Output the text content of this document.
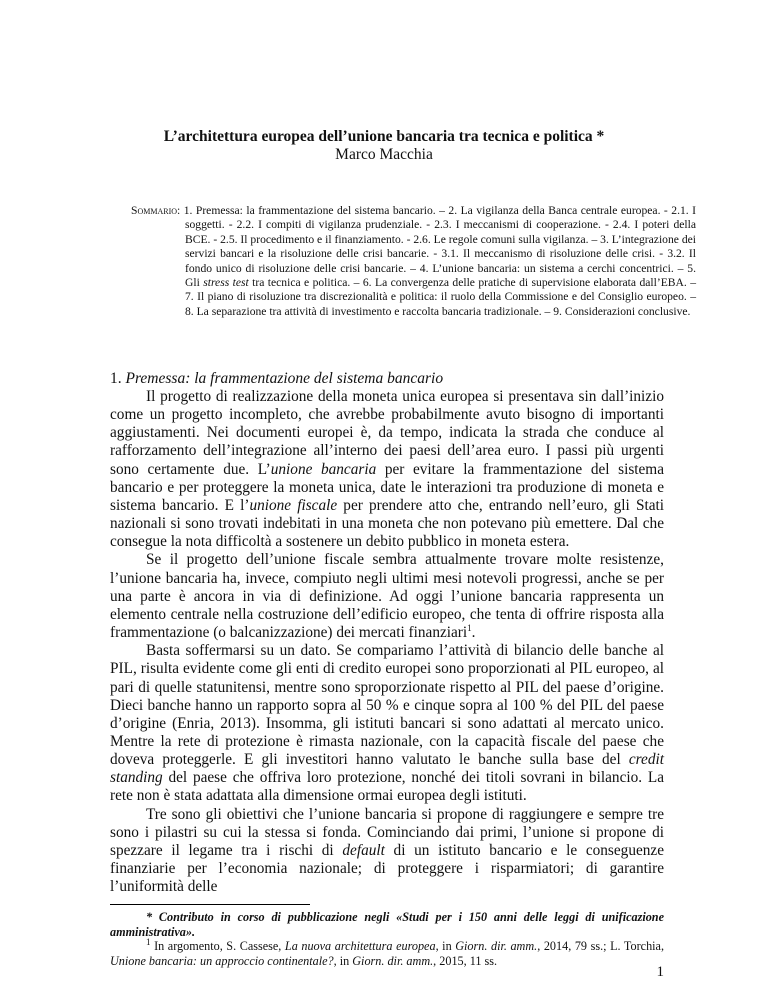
L’architettura europea dell’unione bancaria tra tecnica e politica *
Marco Macchia
Sommario: 1. Premessa: la frammentazione del sistema bancario. – 2. La vigilanza della Banca centrale europea. - 2.1. I soggetti. - 2.2. I compiti di vigilanza prudenziale. - 2.3. I meccanismi di cooperazione. - 2.4. I poteri della BCE. - 2.5. Il procedimento e il finanziamento. - 2.6. Le regole comuni sulla vigilanza. – 3. L’integrazione dei servizi bancari e la risoluzione delle crisi bancarie. - 3.1. Il meccanismo di risoluzione delle crisi. - 3.2. Il fondo unico di risoluzione delle crisi bancarie. – 4. L’unione bancaria: un sistema a cerchi concentrici. – 5. Gli stress test tra tecnica e politica. – 6. La convergenza delle pratiche di supervisione elaborata dall’EBA. – 7. Il piano di risoluzione tra discrezionalità e politica: il ruolo della Commissione e del Consiglio europeo. – 8. La separazione tra attività di investimento e raccolta bancaria tradizionale. – 9. Considerazioni conclusive.
1. Premessa: la frammentazione del sistema bancario

Il progetto di realizzazione della moneta unica europea si presentava sin dall’inizio come un progetto incompleto, che avrebbe probabilmente avuto bisogno di importanti aggiustamenti. Nei documenti europei è, da tempo, indicata la strada che conduce al rafforzamento dell’integrazione all’interno dei paesi dell’area euro. I passi più urgenti sono certamente due. L’unione bancaria per evitare la frammentazione del sistema bancario e per proteggere la moneta unica, date le interazioni tra produzione di moneta e sistema bancario. E l’unione fiscale per prendere atto che, entrando nell’euro, gli Stati nazionali si sono trovati indebitati in una moneta che non potevano più emettere. Dal che consegue la nota difficoltà a sostenere un debito pubblico in moneta estera.

Se il progetto dell’unione fiscale sembra attualmente trovare molte resistenze, l’unione bancaria ha, invece, compiuto negli ultimi mesi notevoli progressi, anche se per una parte è ancora in via di definizione. Ad oggi l’unione bancaria rappresenta un elemento centrale nella costruzione dell’edificio europeo, che tenta di offrire risposta alla frammentazione (o balcanizzazione) dei mercati finanziari$^1$.

Basta soffermarsi su un dato. Se compariamo l’attività di bilancio delle banche al PIL, risulta evidente come gli enti di credito europei sono proporzionati al PIL europeo, al pari di quelle statunitensi, mentre sono sproporzionate rispetto al PIL del paese d’origine. Dieci banche hanno un rapporto sopra al 50 % e cinque sopra al 100 % del PIL del paese d’origine (Enria, 2013). Insomma, gli istituti bancari si sono adattati al mercato unico. Mentre la rete di protezione è rimasta nazionale, con la capacità fiscale del paese che doveva proteggerle. E gli investitori hanno valutato le banche sulla base del credit standing del paese che offriva loro protezione, nonché dei titoli sovrani in bilancio. La rete non è stata adattata alla dimensione ormai europea degli istituti.

Tre sono gli obiettivi che l’unione bancaria si propone di raggiungere e sempre tre sono i pilastri su cui la stessa si fonda. Cominciando dai primi, l’unione si propone di spezzare il legame tra i rischi di default di un istituto bancario e le conseguenze finanziarie per l’economia nazionale; di proteggere i risparmiatori; di garantire l’uniformità delle

* Contributo in corso di pubblicazione negli «Studi per i 150 anni delle leggi di unificazione amministrativa».

$^1$ In argomento, S. Cassese, La nuova architettura europea, in Giorn. dir. amm., 2014, 79 ss.; L. Torchia, Unione bancaria: un approccio continentale?, in Giorn. dir. amm., 2015, 11 ss.

1
